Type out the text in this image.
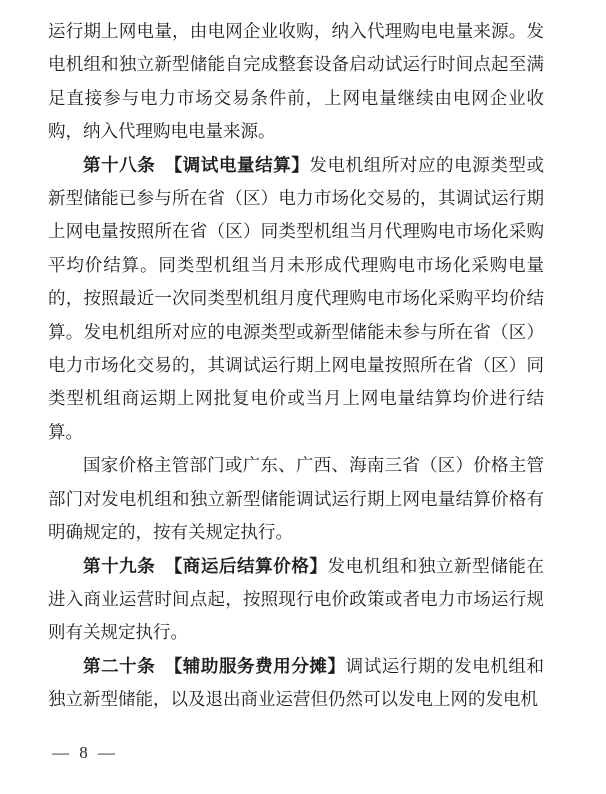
运行期上网电量，由电网企业收购，纳入代理购电电量来源。发电机组和独立新型储能自完成整套设备启动试运行时间点起至满足直接参与电力市场交易条件前，上网电量继续由电网企业收购，纳入代理购电电量来源。

第十八条　【调试电量结算】发电机组所对应的电源类型或新型储能已参与所在省（区）电力市场化交易的，其调试运行期上网电量按照所在省（区）同类型机组当月代理购电市场化采购平均价结算。同类型机组当月未形成代理购电市场化采购电量的，按照最近一次同类型机组月度代理购电市场化采购平均价结算。发电机组所对应的电源类型或新型储能未参与所在省（区）电力市场化交易的，其调试运行期上网电量按照所在省（区）同类型机组商运期上网批复电价或当月上网电量结算均价进行结算。

国家价格主管部门或广东、广西、海南三省（区）价格主管部门对发电机组和独立新型储能调试运行期上网电量结算价格有明确规定的，按有关规定执行。

第十九条　【商运后结算价格】发电机组和独立新型储能在进入商业运营时间点起，按照现行电价政策或者电力市场运行规则有关规定执行。

第二十条　【辅助服务费用分摊】调试运行期的发电机组和独立新型储能，以及退出商业运营但仍然可以发电上网的发电机

— 8 —
